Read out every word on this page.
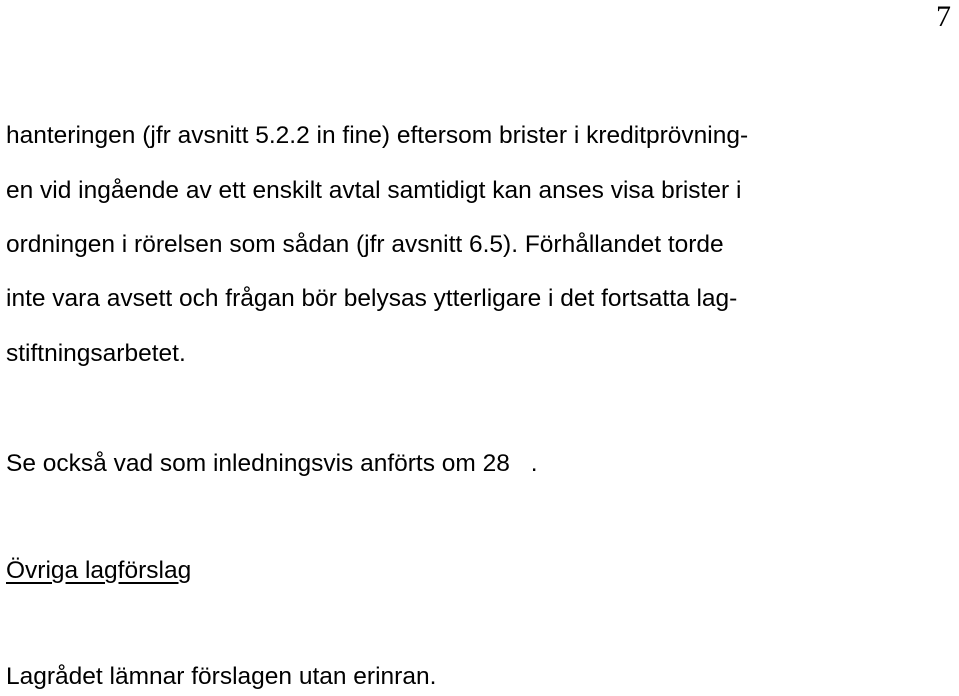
7
hanteringen (jfr avsnitt 5.2.2 in fine) eftersom brister i kreditprövning-
en vid ingående av ett enskilt avtal samtidigt kan anses visa brister i
ordningen i rörelsen som sådan (jfr avsnitt 6.5). Förhållandet torde
inte vara avsett och frågan bör belysas ytterligare i det fortsatta lag-
stiftningsarbetet.
Se också vad som inledningsvis anförts om 28 .
Övriga lagförslag
Lagrådet lämnar förslagen utan erinran.
